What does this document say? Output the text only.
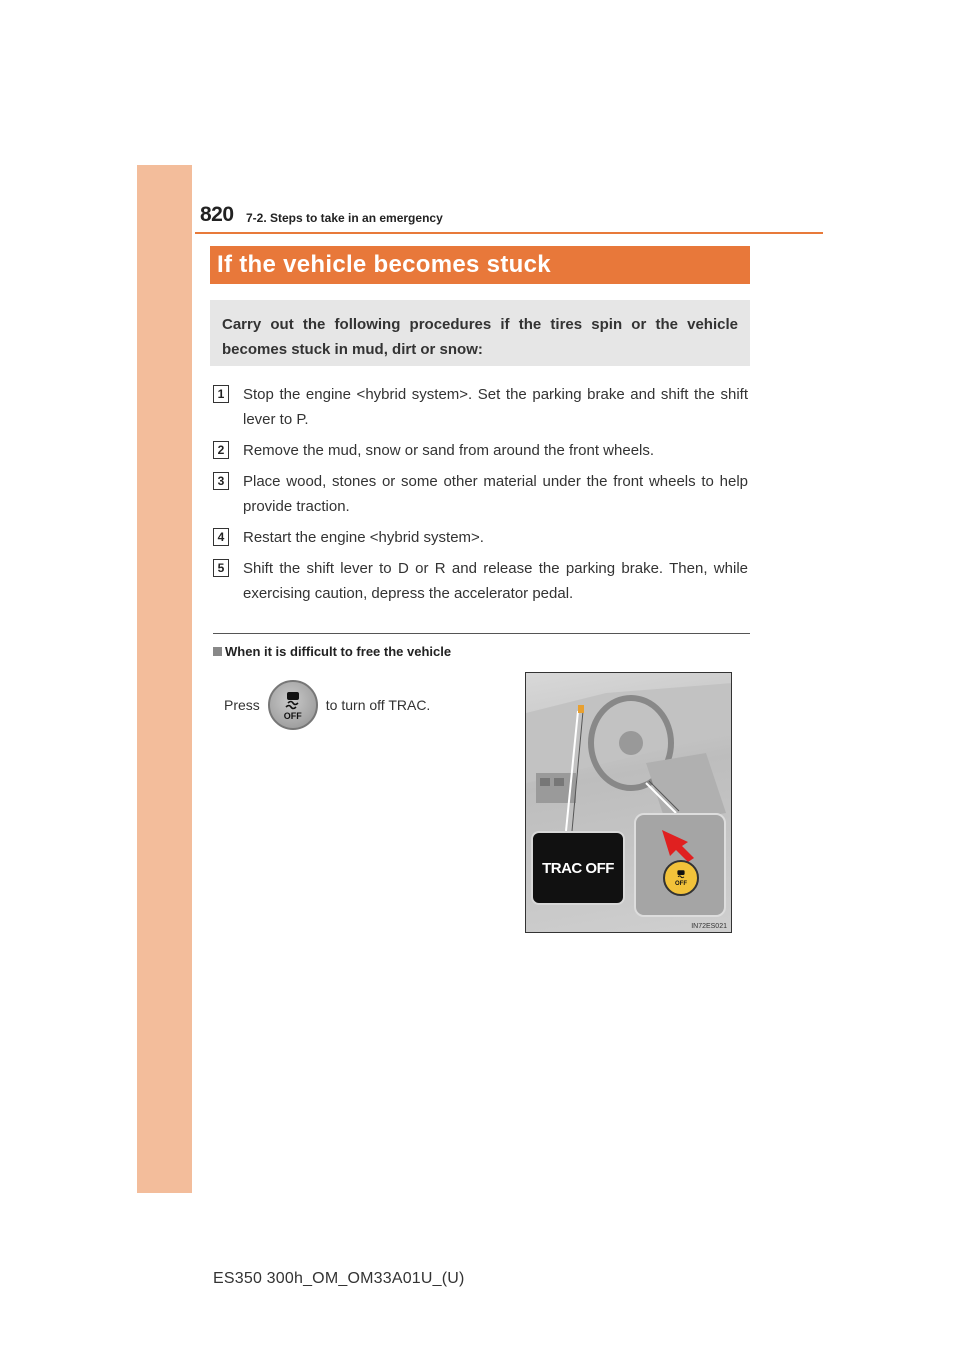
820 7-2. Steps to take in an emergency
If the vehicle becomes stuck
Carry out the following procedures if the tires spin or the vehicle becomes stuck in mud, dirt or snow:
1	Stop the engine <hybrid system>. Set the parking brake and shift the shift lever to P.
2	Remove the mud, snow or sand from around the front wheels.
3	Place wood, stones or some other material under the front wheels to help provide traction.
4	Restart the engine <hybrid system>.
5	Shift the shift lever to D or R and release the parking brake. Then, while exercising caution, depress the accelerator pedal.
When it is difficult to free the vehicle
Press
OFF
to turn off TRAC.
TRAC OFF
OFF
IN72ES021
ES350 300h_OM_OM33A01U_(U)
